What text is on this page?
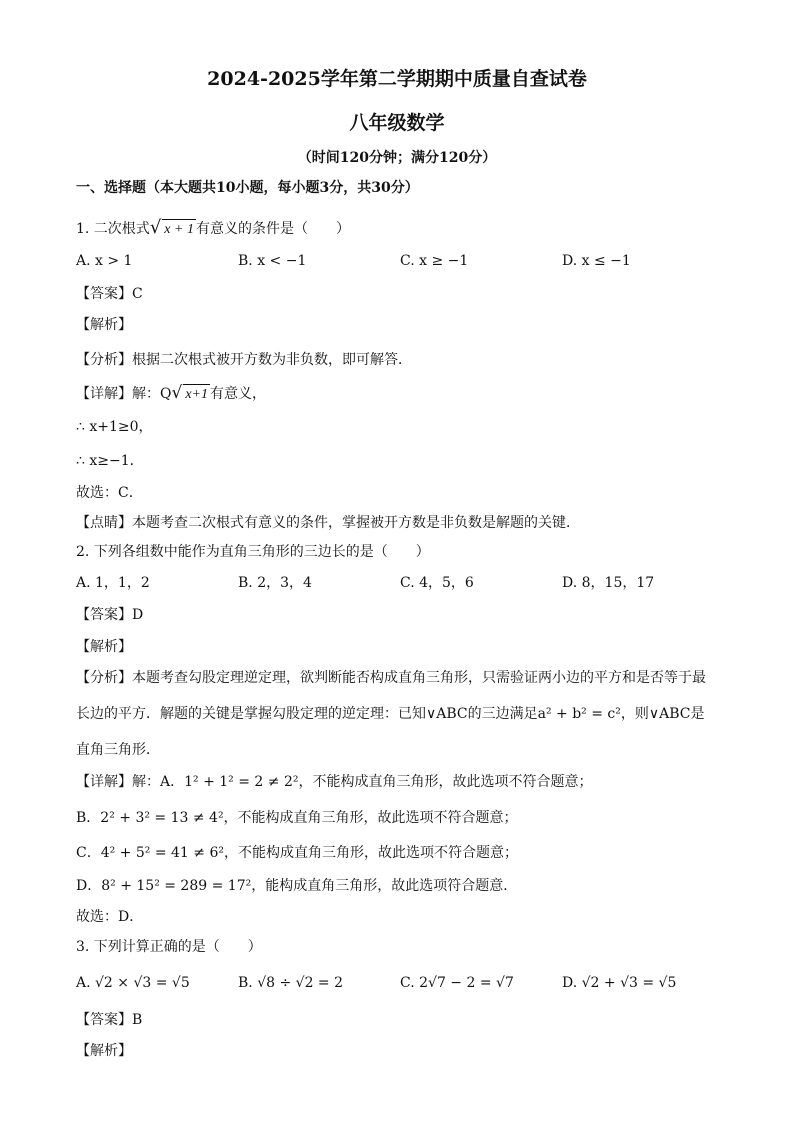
2024-2025学年第二学期期中质量自查试卷
八年级数学
（时间120分钟；满分120分）
一、选择题（本大题共10小题，每小题3分，共30分）
1. 二次根式√ x + 1 有意义的条件是（　　）
A. x > 1	B. x < −1	C. x ≥ −1	D. x ≤ −1
【答案】C
【解析】
【分析】根据二次根式被开方数为非负数，即可解答．
【详解】解：Q√ x+1 有意义，
∴ x+1≥0，
∴ x≥−1．
故选：C．
【点睛】本题考查二次根式有意义的条件，掌握被开方数是非负数是解题的关键．
2. 下列各组数中能作为直角三角形的三边长的是（　　）
A. 1，1，2	B. 2，3，4	C. 4，5，6	D. 8，15，17
【答案】D
【解析】
【分析】本题考查勾股定理逆定理，欲判断能否构成直角三角形，只需验证两小边的平方和是否等于最
长边的平方．解题的关键是掌握勾股定理的逆定理：已知∨ABC的三边满足a² + b² = c²，则∨ABC是
直角三角形．
【详解】解：A．1² + 1² = 2 ≠ 2²，不能构成直角三角形，故此选项不符合题意；
B．2² + 3² = 13 ≠ 4²，不能构成直角三角形，故此选项不符合题意；
C．4² + 5² = 41 ≠ 6²，不能构成直角三角形，故此选项不符合题意；
D．8² + 15² = 289 = 17²，能构成直角三角形，故此选项符合题意．
故选：D．
3. 下列计算正确的是（　　）
A. √2 × √3 = √5	B. √8 ÷ √2 = 2	C. 2√7 − 2 = √7	D. √2 + √3 = √5
【答案】B
【解析】
